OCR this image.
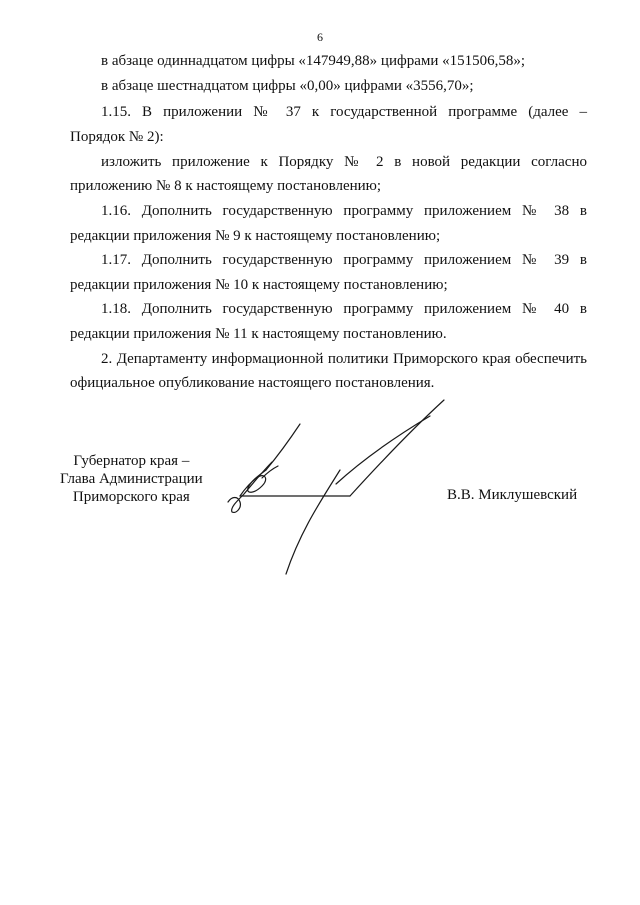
6
в абзаце одиннадцатом цифры «147949,88» цифрами «151506,58»;
в абзаце шестнадцатом цифры «0,00» цифрами «3556,70»;
1.15. В приложении № 37 к государственной программе (далее –
Порядок № 2):
изложить приложение к Порядку № 2 в новой редакции согласно
приложению № 8 к настоящему постановлению;
1.16. Дополнить государственную программу приложением № 38 в
редакции приложения № 9 к настоящему постановлению;
1.17. Дополнить государственную программу приложением № 39 в
редакции приложения № 10 к настоящему постановлению;
1.18. Дополнить государственную программу приложением № 40 в
редакции приложения № 11 к настоящему постановлению.
2. Департаменту информационной политики Приморского края обеспечить
официальное опубликование настоящего постановления.
Губернатор края –
Глава Администрации
Приморского края	В.В. Миклушевский
